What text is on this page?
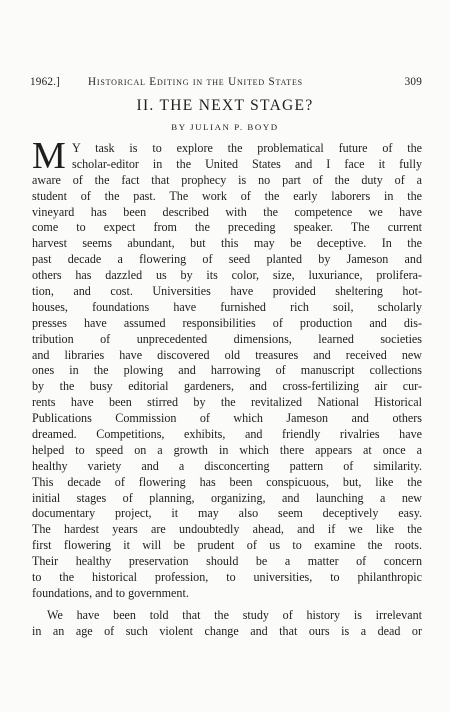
1962.] Historical Editing in the United States	309
II. THE NEXT STAGE?
BY JULIAN P. BOYD
M Y task is to explore the problematical future of the
scholar-editor in the United States and I face it fully
aware of the fact that prophecy is no part of the duty of a
student of the past. The work of the early laborers in the
vineyard has been described with the competence we have
come to expect from the preceding speaker. The current
harvest seems abundant, but this may be deceptive. In the
past decade a flowering of seed planted by Jameson and
others has dazzled us by its color, size, luxuriance, prolifera-
tion, and cost. Universities have provided sheltering hot-
houses, foundations have furnished rich soil, scholarly
presses have assumed responsibilities of production and dis-
tribution of unprecedented dimensions, learned societies
and libraries have discovered old treasures and received new
ones in the plowing and harrowing of manuscript collections
by the busy editorial gardeners, and cross-fertilizing air cur-
rents have been stirred by the revitalized National Historical
Publications Commission of which Jameson and others
dreamed. Competitions, exhibits, and friendly rivalries have
helped to speed on a growth in which there appears at once a
healthy variety and a disconcerting pattern of similarity.
This decade of flowering has been conspicuous, but, like the
initial stages of planning, organizing, and launching a new
documentary project, it may also seem deceptively easy.
The hardest years are undoubtedly ahead, and if we like the
first flowering it will be prudent of us to examine the roots.
Their healthy preservation should be a matter of concern
to the historical profession, to universities, to philanthropic
foundations, and to government.
We have been told that the study of history is irrelevant
in an age of such violent change and that ours is a dead or
